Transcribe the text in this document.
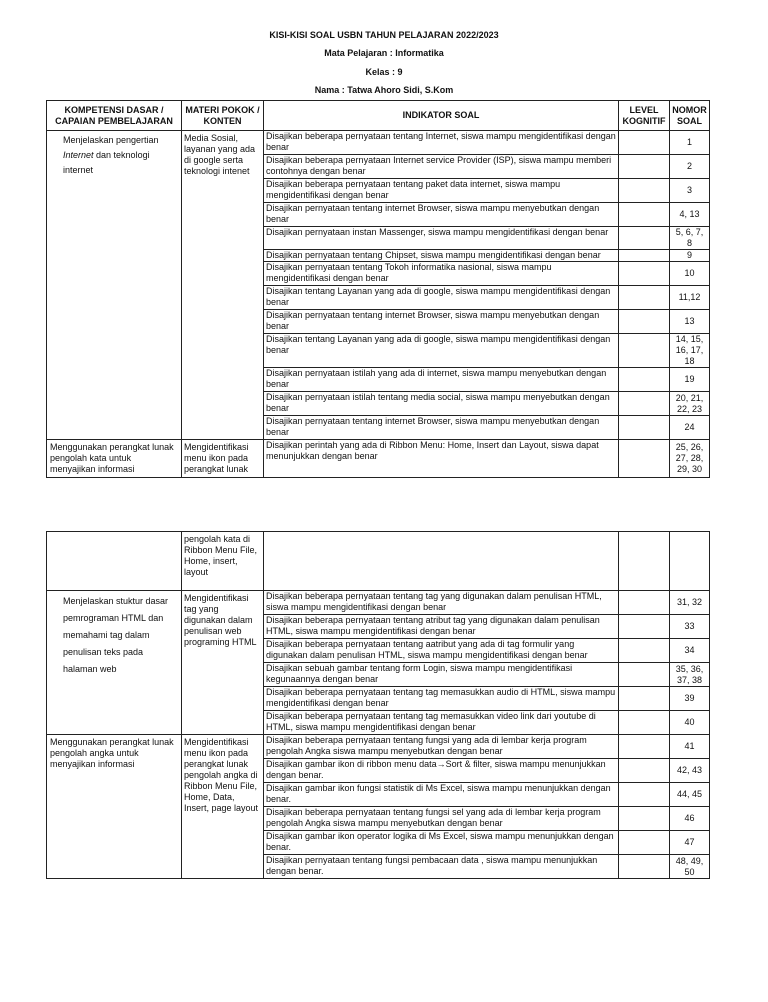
KISI-KISI SOAL USBN TAHUN PELAJARAN 2022/2023
Mata Pelajaran : Informatika
Kelas : 9
Nama : Tatwa Ahoro Sidi, S.Kom
KOMPETENSI DASAR / CAPAIAN PEMBELAJARAN	MATERI POKOK / KONTEN	INDIKATOR SOAL	LEVEL KOGNITIF	NOMOR SOAL
Menjelaskan pengertian Internet dan teknologi internet	Media Sosial, layanan yang ada di google serta teknologi intenet	Disajikan beberapa pernyataan tentang Internet, siswa mampu mengidentifikasi dengan benar		1
		Disajikan beberapa pernyataan Internet service Provider (ISP), siswa mampu memberi contohnya dengan benar		2
		Disajikan beberapa pernyataan tentang paket data internet, siswa mampu mengidentifikasi dengan benar		3
		Disajikan pernyataan tentang internet Browser, siswa mampu menyebutkan dengan benar		4, 13
		Disajikan pernyataan instan Massenger, siswa mampu mengidentifikasi dengan benar		5, 6, 7, 8
		Disajikan pernyataan tentang Chipset, siswa mampu mengidentifikasi dengan benar		9
		Disajikan pernyataan tentang Tokoh informatika nasional, siswa mampu mengidentifikasi dengan benar		10
		Disajikan tentang Layanan yang ada di google, siswa mampu mengidentifikasi dengan benar		11,12
		Disajikan pernyataan tentang internet Browser, siswa mampu menyebutkan dengan benar		13
		Disajikan tentang Layanan yang ada di google, siswa mampu mengidentifikasi dengan benar		14, 15, 16, 17, 18
		Disajikan pernyataan istilah yang ada di internet, siswa mampu menyebutkan dengan benar		19
		Disajikan pernyataan istilah tentang media social, siswa mampu menyebutkan dengan benar		20, 21, 22, 23
		Disajikan pernyataan tentang internet Browser, siswa mampu menyebutkan dengan benar		24
Menggunakan perangkat lunak pengolah kata untuk menyajikan informasi	Mengidentifikasi menu ikon pada perangkat lunak	Disajikan perintah yang ada di Ribbon Menu: Home, Insert dan Layout, siswa dapat menunjukkan dengan benar		25, 26, 27, 28, 29, 30
	pengolah kata di Ribbon Menu File, Home, insert, layout			
Menjelaskan stuktur dasar pemrograman HTML dan memahami tag dalam penulisan teks pada halaman web	Mengidentifikasi tag yang digunakan dalam penulisan web programing HTML	Disajikan beberapa pernyataan tentang tag yang digunakan dalam penulisan HTML, siswa mampu mengidentifikasi dengan benar		31, 32
		Disajikan beberapa pernyataan tentang atribut tag yang digunakan dalam penulisan HTML, siswa mampu mengidentifikasi dengan benar		33
		Disajikan beberapa pernyataan tentang aatribut yang ada di tag formulir yang digunakan dalam penulisan HTML, siswa mampu mengidentifikasi dengan benar		34
		Disajikan sebuah gambar tentang form Login, siswa mampu mengidentifikasi kegunaannya dengan benar		35, 36, 37, 38
		Disajikan beberapa pernyataan tentang tag memasukkan audio di HTML, siswa mampu mengidentifikasi dengan benar		39
		Disajikan beberapa pernyataan tentang tag memasukkan video link dari youtube di HTML, siswa mampu mengidentifikasi dengan benar		40
Menggunakan perangkat lunak pengolah angka untuk menyajikan informasi	Mengidentifikasi menu ikon pada perangkat lunak pengolah angka di Ribbon Menu File, Home, Data, Insert, page layout	Disajikan beberapa pernyataan tentang fungsi yang ada di lembar kerja program pengolah Angka siswa mampu menyebutkan dengan benar		41
		Disajikan gambar ikon di ribbon menu data→Sort & filter, siswa mampu menunjukkan dengan benar.		42, 43
		Disajikan gambar ikon fungsi statistik di Ms Excel, siswa mampu menunjukkan dengan benar.		44, 45
		Disajikan beberapa pernyataan tentang fungsi sel yang ada di lembar kerja program pengolah Angka siswa mampu menyebutkan dengan benar		46
		Disajikan gambar ikon operator logika di Ms Excel, siswa mampu menunjukkan dengan benar.		47
		Disajikan pernyataan tentang fungsi pembacaan data , siswa mampu menunjukkan dengan benar.		48, 49, 50
